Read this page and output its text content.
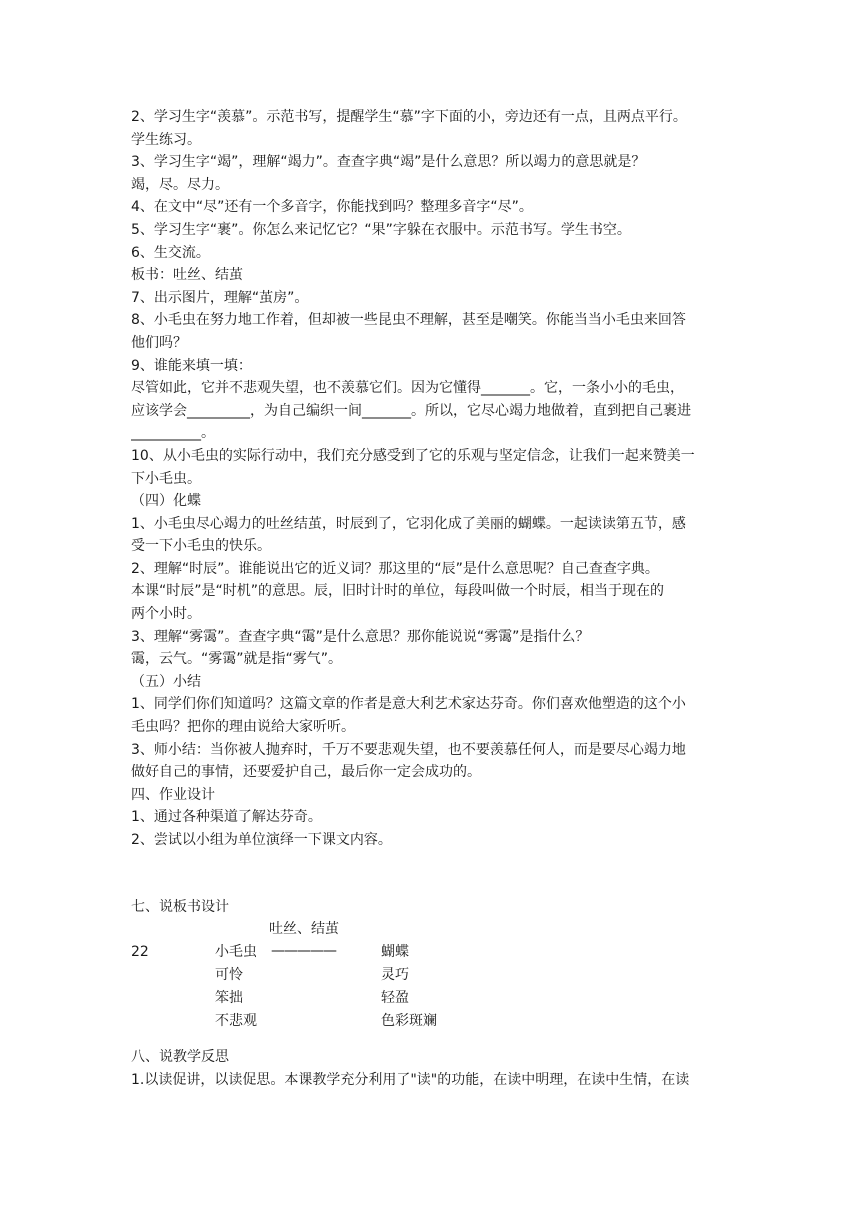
2、学习生字“羡慕”。示范书写，提醒学生“慕”字下面的小，旁边还有一点，且两点平行。
学生练习。
3、学习生字“竭”，理解“竭力”。查查字典“竭”是什么意思？所以竭力的意思就是？
竭，尽。尽力。
4、在文中“尽”还有一个多音字，你能找到吗？整理多音字“尽”。
5、学习生字“裹”。你怎么来记忆它？“果”字躲在衣服中。示范书写。学生书空。
6、生交流。
板书：吐丝、结茧
7、出示图片，理解“茧房”。
8、小毛虫在努力地工作着，但却被一些昆虫不理解，甚至是嘲笑。你能当当小毛虫来回答
他们吗？
9、谁能来填一填：
尽管如此，它并不悲观失望，也不羡慕它们。因为它懂得_______。它，一条小小的毛虫，
应该学会_________，为自己编织一间_______。所以，它尽心竭力地做着，直到把自己裹进
__________。
10、从小毛虫的实际行动中，我们充分感受到了它的乐观与坚定信念，让我们一起来赞美一
下小毛虫。
（四）化蝶
1、小毛虫尽心竭力的吐丝结茧，时辰到了，它羽化成了美丽的蝴蝶。一起读读第五节，感
受一下小毛虫的快乐。
2、理解“时辰”。谁能说出它的近义词？那这里的“辰”是什么意思呢？自己查查字典。
本课“时辰”是“时机”的意思。辰，旧时计时的单位，每段叫做一个时辰，相当于现在的
两个小时。
3、理解“雾霭”。查查字典“霭”是什么意思？那你能说说“雾霭”是指什么？
霭，云气。“雾霭”就是指“雾气”。
（五）小结
1、同学们你们知道吗？这篇文章的作者是意大利艺术家达芬奇。你们喜欢他塑造的这个小
毛虫吗？把你的理由说给大家听听。
3、师小结：当你被人抛弃时，千万不要悲观失望，也不要羡慕任何人，而是要尽心竭力地
做好自己的事情，还要爱护自己，最后你一定会成功的。
四、作业设计
1、通过各种渠道了解达芬奇。
2、尝试以小组为单位演绎一下课文内容。
七、说板书设计
吐丝、结茧
22	小毛虫 —————	蝴蝶
可怜	灵巧
笨拙	轻盈
不悲观	色彩斑斓
八、说教学反思
1.以读促讲，以读促思。本课教学充分利用了"读"的功能，在读中明理，在读中生情，在读
